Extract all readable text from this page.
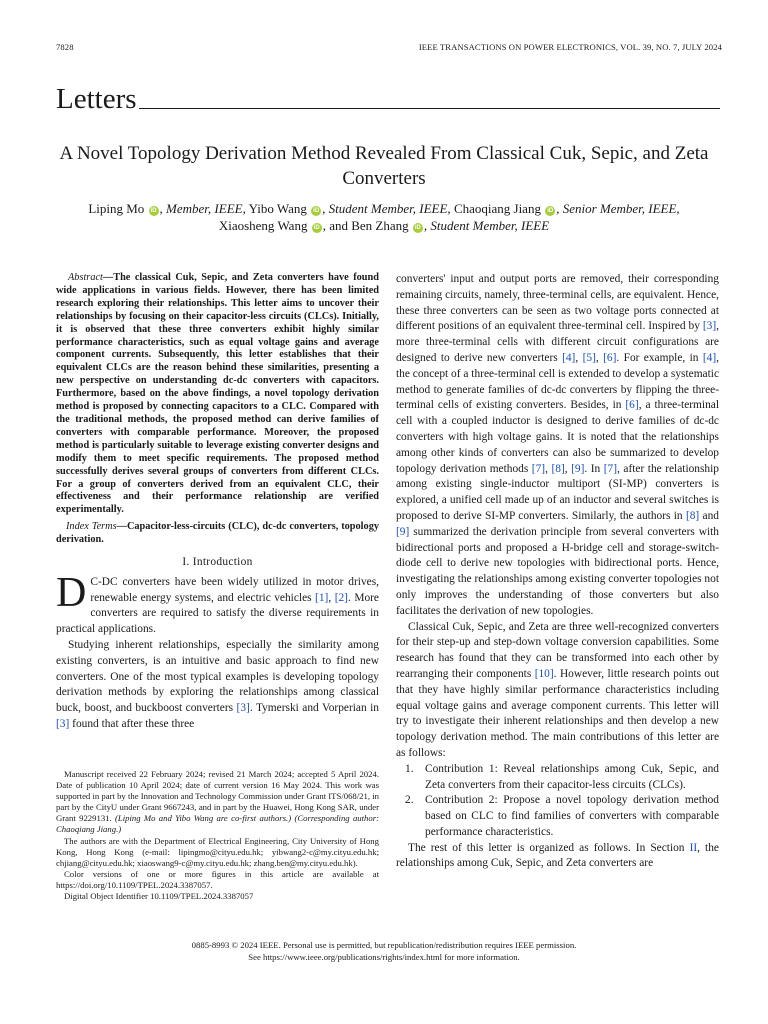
7828	IEEE TRANSACTIONS ON POWER ELECTRONICS, VOL. 39, NO. 7, JULY 2024
Letters
A Novel Topology Derivation Method Revealed From Classical Cuk, Sepic, and Zeta Converters
Liping Mo iD , Member, IEEE, Yibo Wang iD , Student Member, IEEE, Chaoqiang Jiang iD , Senior Member, IEEE,
Xiaosheng Wang iD , and Ben Zhang iD , Student Member, IEEE

Abstract—The classical Cuk, Sepic, and Zeta converters have found wide applications in various fields. However, there has been limited research exploring their relationships. This letter aims to uncover their relationships by focusing on their capacitor-less circuits (CLCs). Initially, it is observed that these three converters exhibit highly similar performance characteristics, such as equal voltage gains and average component currents. Subsequently, this letter establishes that their equivalent CLCs are the reason behind these similarities, presenting a new perspective on understanding dc-dc converters with capacitors. Furthermore, based on the above findings, a novel topology derivation method is proposed by connecting capacitors to a CLC. Compared with the traditional methods, the proposed method can derive families of converters with comparable performance. Moreover, the proposed method is particularly suitable to leverage existing converter designs and modify them to meet specific requirements. The proposed method successfully derives several groups of converters from different CLCs. For a group of converters derived from an equivalent CLC, their effectiveness and their performance relationship are verified experimentally.

Index Terms—Capacitor-less-circuits (CLC), dc-dc converters, topology derivation.

I. Introduction

D C-DC converters have been widely utilized in motor drives, renewable energy systems, and electric vehicles [1], [2]. More converters are required to satisfy the diverse requirements in practical applications.

Studying inherent relationships, especially the similarity among existing converters, is an intuitive and basic approach to find new converters. One of the most typical examples is developing topology derivation methods by exploring the relationships among classical buck, boost, and buckboost converters [3]. Tymerski and Vorperian in [3] found that after these three

Manuscript received 22 February 2024; revised 21 March 2024; accepted 5 April 2024. Date of publication 10 April 2024; date of current version 16 May 2024. This work was supported in part by the Innovation and Technology Commission under Grant ITS/068/21, in part by the CityU under Grant 9667243, and in part by the Huawei, Hong Kong SAR, under Grant 9229131. (Liping Mo and Yibo Wang are co-first authors.) (Corresponding author: Chaoqiang Jiang.)

The authors are with the Department of Electrical Engineering, City University of Hong Kong, Hong Kong (e-mail: lipingmo@cityu.edu.hk; yibwang2-c@my.cityu.edu.hk; chjiang@cityu.edu.hk; xiaoswang9-c@my.cityu.edu.hk; zhang.ben@my.cityu.edu.hk).

Color versions of one or more figures in this article are available at https://doi.org/10.1109/TPEL.2024.3387057.

Digital Object Identifier 10.1109/TPEL.2024.3387057

converters' input and output ports are removed, their corresponding remaining circuits, namely, three-terminal cells, are equivalent. Hence, these three converters can be seen as two voltage ports connected at different positions of an equivalent three-terminal cell. Inspired by [3], more three-terminal cells with different circuit configurations are designed to derive new converters [4], [5], [6]. For example, in [4], the concept of a three-terminal cell is extended to develop a systematic method to generate families of dc-dc converters by flipping the three-terminal cells of existing converters. Besides, in [6], a three-terminal cell with a coupled inductor is designed to derive families of dc-dc converters with high voltage gains. It is noted that the relationships among other kinds of converters can also be summarized to develop topology derivation methods [7], [8], [9]. In [7], after the relationship among existing single-inductor multiport (SI-MP) converters is explored, a unified cell made up of an inductor and several switches is proposed to derive SI-MP converters. Similarly, the authors in [8] and [9] summarized the derivation principle from several converters with bidirectional ports and proposed a H-bridge cell and storage-switch-diode cell to derive new topologies with bidirectional ports. Hence, investigating the relationships among existing converter topologies not only improves the understanding of those converters but also facilitates the derivation of new topologies.

Classical Cuk, Sepic, and Zeta are three well-recognized converters for their step-up and step-down voltage conversion capabilities. Some research has found that they can be transformed into each other by rearranging their components [10]. However, little research points out that they have highly similar performance characteristics including equal voltage gains and average component currents. This letter will try to investigate their inherent relationships and then develop a new topology derivation method. The main contributions of this letter are as follows:

1. Contribution 1: Reveal relationships among Cuk, Sepic, and Zeta converters from their capacitor-less circuits (CLCs).
2. Contribution 2: Propose a novel topology derivation method based on CLC to find families of converters with comparable performance characteristics.

The rest of this letter is organized as follows. In Section II, the relationships among Cuk, Sepic, and Zeta converters are

0885-8993 © 2024 IEEE. Personal use is permitted, but republication/redistribution requires IEEE permission.
See https://www.ieee.org/publications/rights/index.html for more information.
